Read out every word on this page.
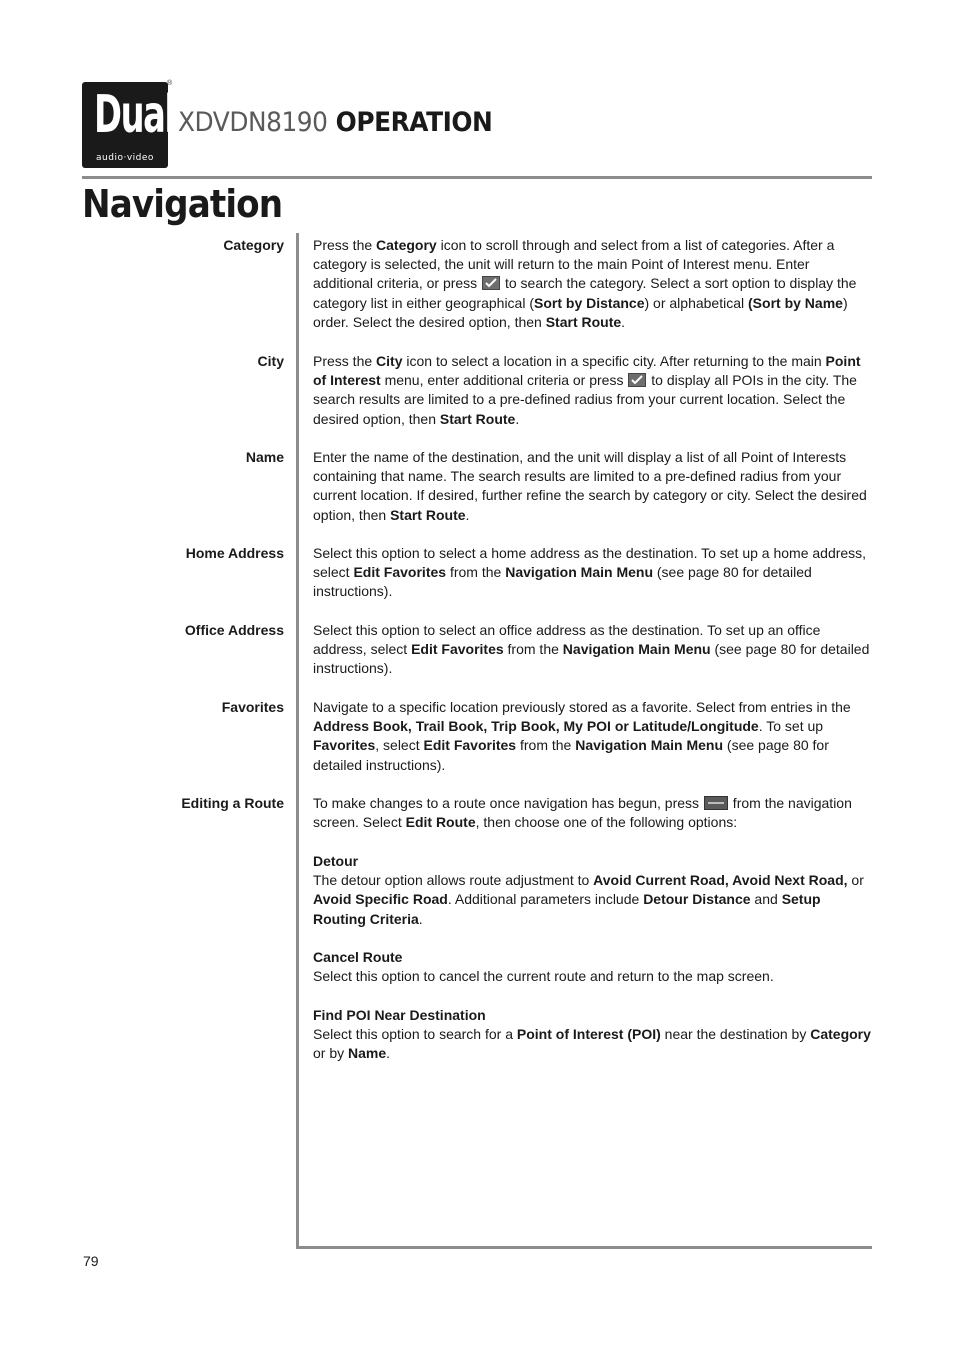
Dual
audio·video
®
XDVDN8190 OPERATION
Navigation
79
Category Press the Category icon to scroll through and select from a list of categories. After a category is selected, the unit will return to the main Point of Interest menu. Enter additional criteria, or press
to search the category. Select a sort option to display the category list in either geographical (Sort by Distance) or alphabetical (Sort by Name) order. Select the desired option, then Start Route.
City Press the City icon to select a location in a specific city. After returning to the main Point of Interest menu, enter additional criteria or press
to display all POIs in the city. The search results are limited to a pre-defined radius from your current location. Select the desired option, then Start Route.
Name Enter the name of the destination, and the unit will display a list of all Point of Interests containing that name. The search results are limited to a pre-defined radius from your current location. If desired, further refine the search by category or city. Select the desired option, then Start Route.
Home Address Select this option to select a home address as the destination. To set up a home address, select Edit Favorites from the Navigation Main Menu (see page 80 for detailed instructions).
Office Address Select this option to select an office address as the destination. To set up an office address, select Edit Favorites from the Navigation Main Menu (see page 80 for detailed instructions).
Favorites Navigate to a specific location previously stored as a favorite. Select from entries in the Address Book, Trail Book, Trip Book, My POI or Latitude/Longitude. To set up Favorites, select Edit Favorites from the Navigation Main Menu (see page 80 for detailed instructions).
Editing a Route To make changes to a route once navigation has begun, press  from the navigation screen. Select Edit Route, then choose one of the following options:
Detour
The detour option allows route adjustment to Avoid Current Road, Avoid Next Road, or Avoid Specific Road. Additional parameters include Detour Distance and Setup Routing Criteria.
Cancel Route
Select this option to cancel the current route and return to the map screen.
Find POI Near Destination
Select this option to search for a Point of Interest (POI) near the destination by Category or by Name.
